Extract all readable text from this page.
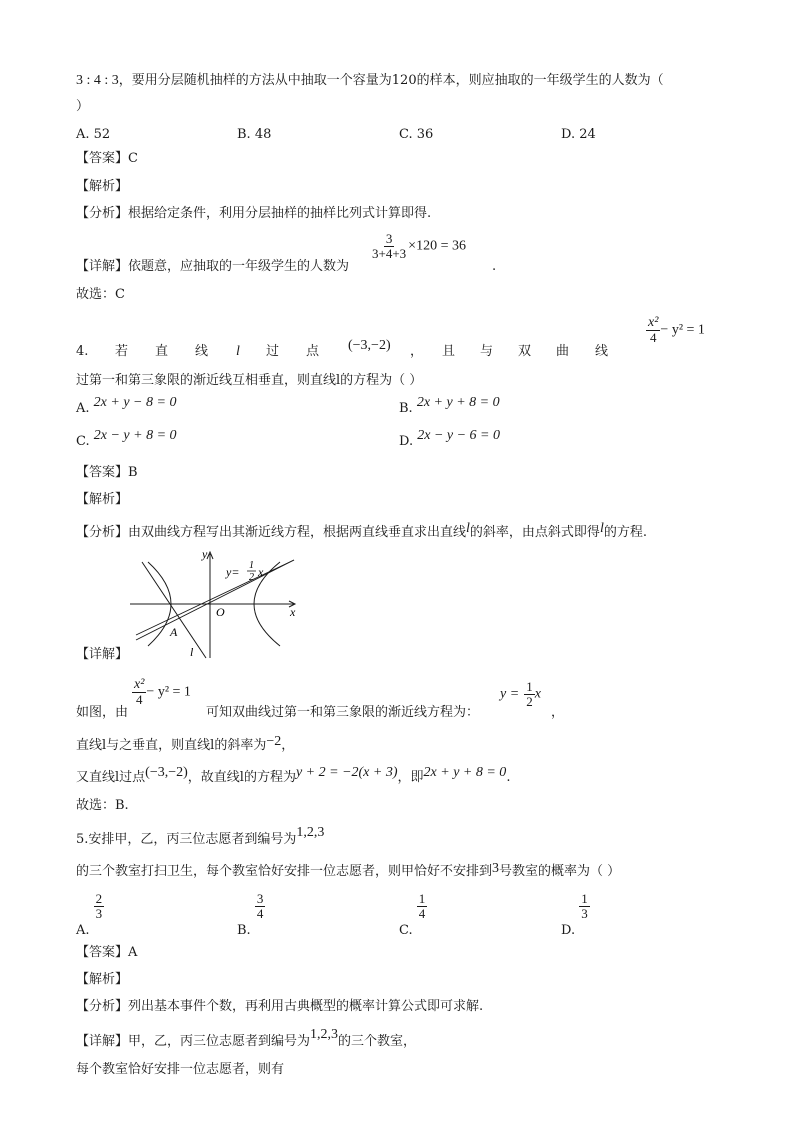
3 : 4 : 3，要用分层随机抽样的方法从中抽取一个容量为120的样本，则应抽取的一年级学生的人数为（
）
A. 52	B. 48	C. 36	D. 24
【答案】C
【解析】
【分析】根据给定条件，利用分层抽样的抽样比列式计算即得.
【详解】依题意，应抽取的一年级学生的人数为
$\frac{3}{3+4+3} \times 120 = 36$
.
故选：C
4. 若 直 线 l 过 点 (−3,−2) ， 且 与 双 曲 线
$\frac{\text{x²}}{4} - y^2 = 1$
过第一和第三象限的渐近线互相垂直，则直线l的方程为（ ）
A. 2x + y − 8 = 0	B. 2x + y + 8 = 0
C. 2x − y + 8 = 0	D. 2x − y − 6 = 0
【答案】B
【解析】
【分析】由双曲线方程写出其渐近线方程，根据两直线垂直求出直线l的斜率，由点斜式即得l的方程.
y
x
O
A
l
y= 1
2 x
【详解】
如图，由
$\frac{\text{x²}}{4} - y^2 = 1$
可知双曲线过第一和第三象限的渐近线方程为：
$y = \frac{1}{2}$ x
，
直线l与之垂直，则直线l的斜率为−2，
又直线l过点(−3,−2)，故直线l的方程为y + 2 = −2(x + 3)，即2x + y + 8 = 0.
故选：B.
5.安排甲，乙，丙三位志愿者到编号为1,2,3
的三个教室打扫卫生，每个教室恰好安排一位志愿者，则甲恰好不安排到3号教室的概率为（ ）
A.
$\frac{2}{3}$
B.
$\frac{3}{4}$
C.
$\frac{1}{4}$
D.
$\frac{1}{3}$
【答案】A
【解析】
【分析】列出基本事件个数，再利用古典概型的概率计算公式即可求解.
【详解】甲，乙，丙三位志愿者到编号为1,2,3的三个教室，
每个教室恰好安排一位志愿者，则有
